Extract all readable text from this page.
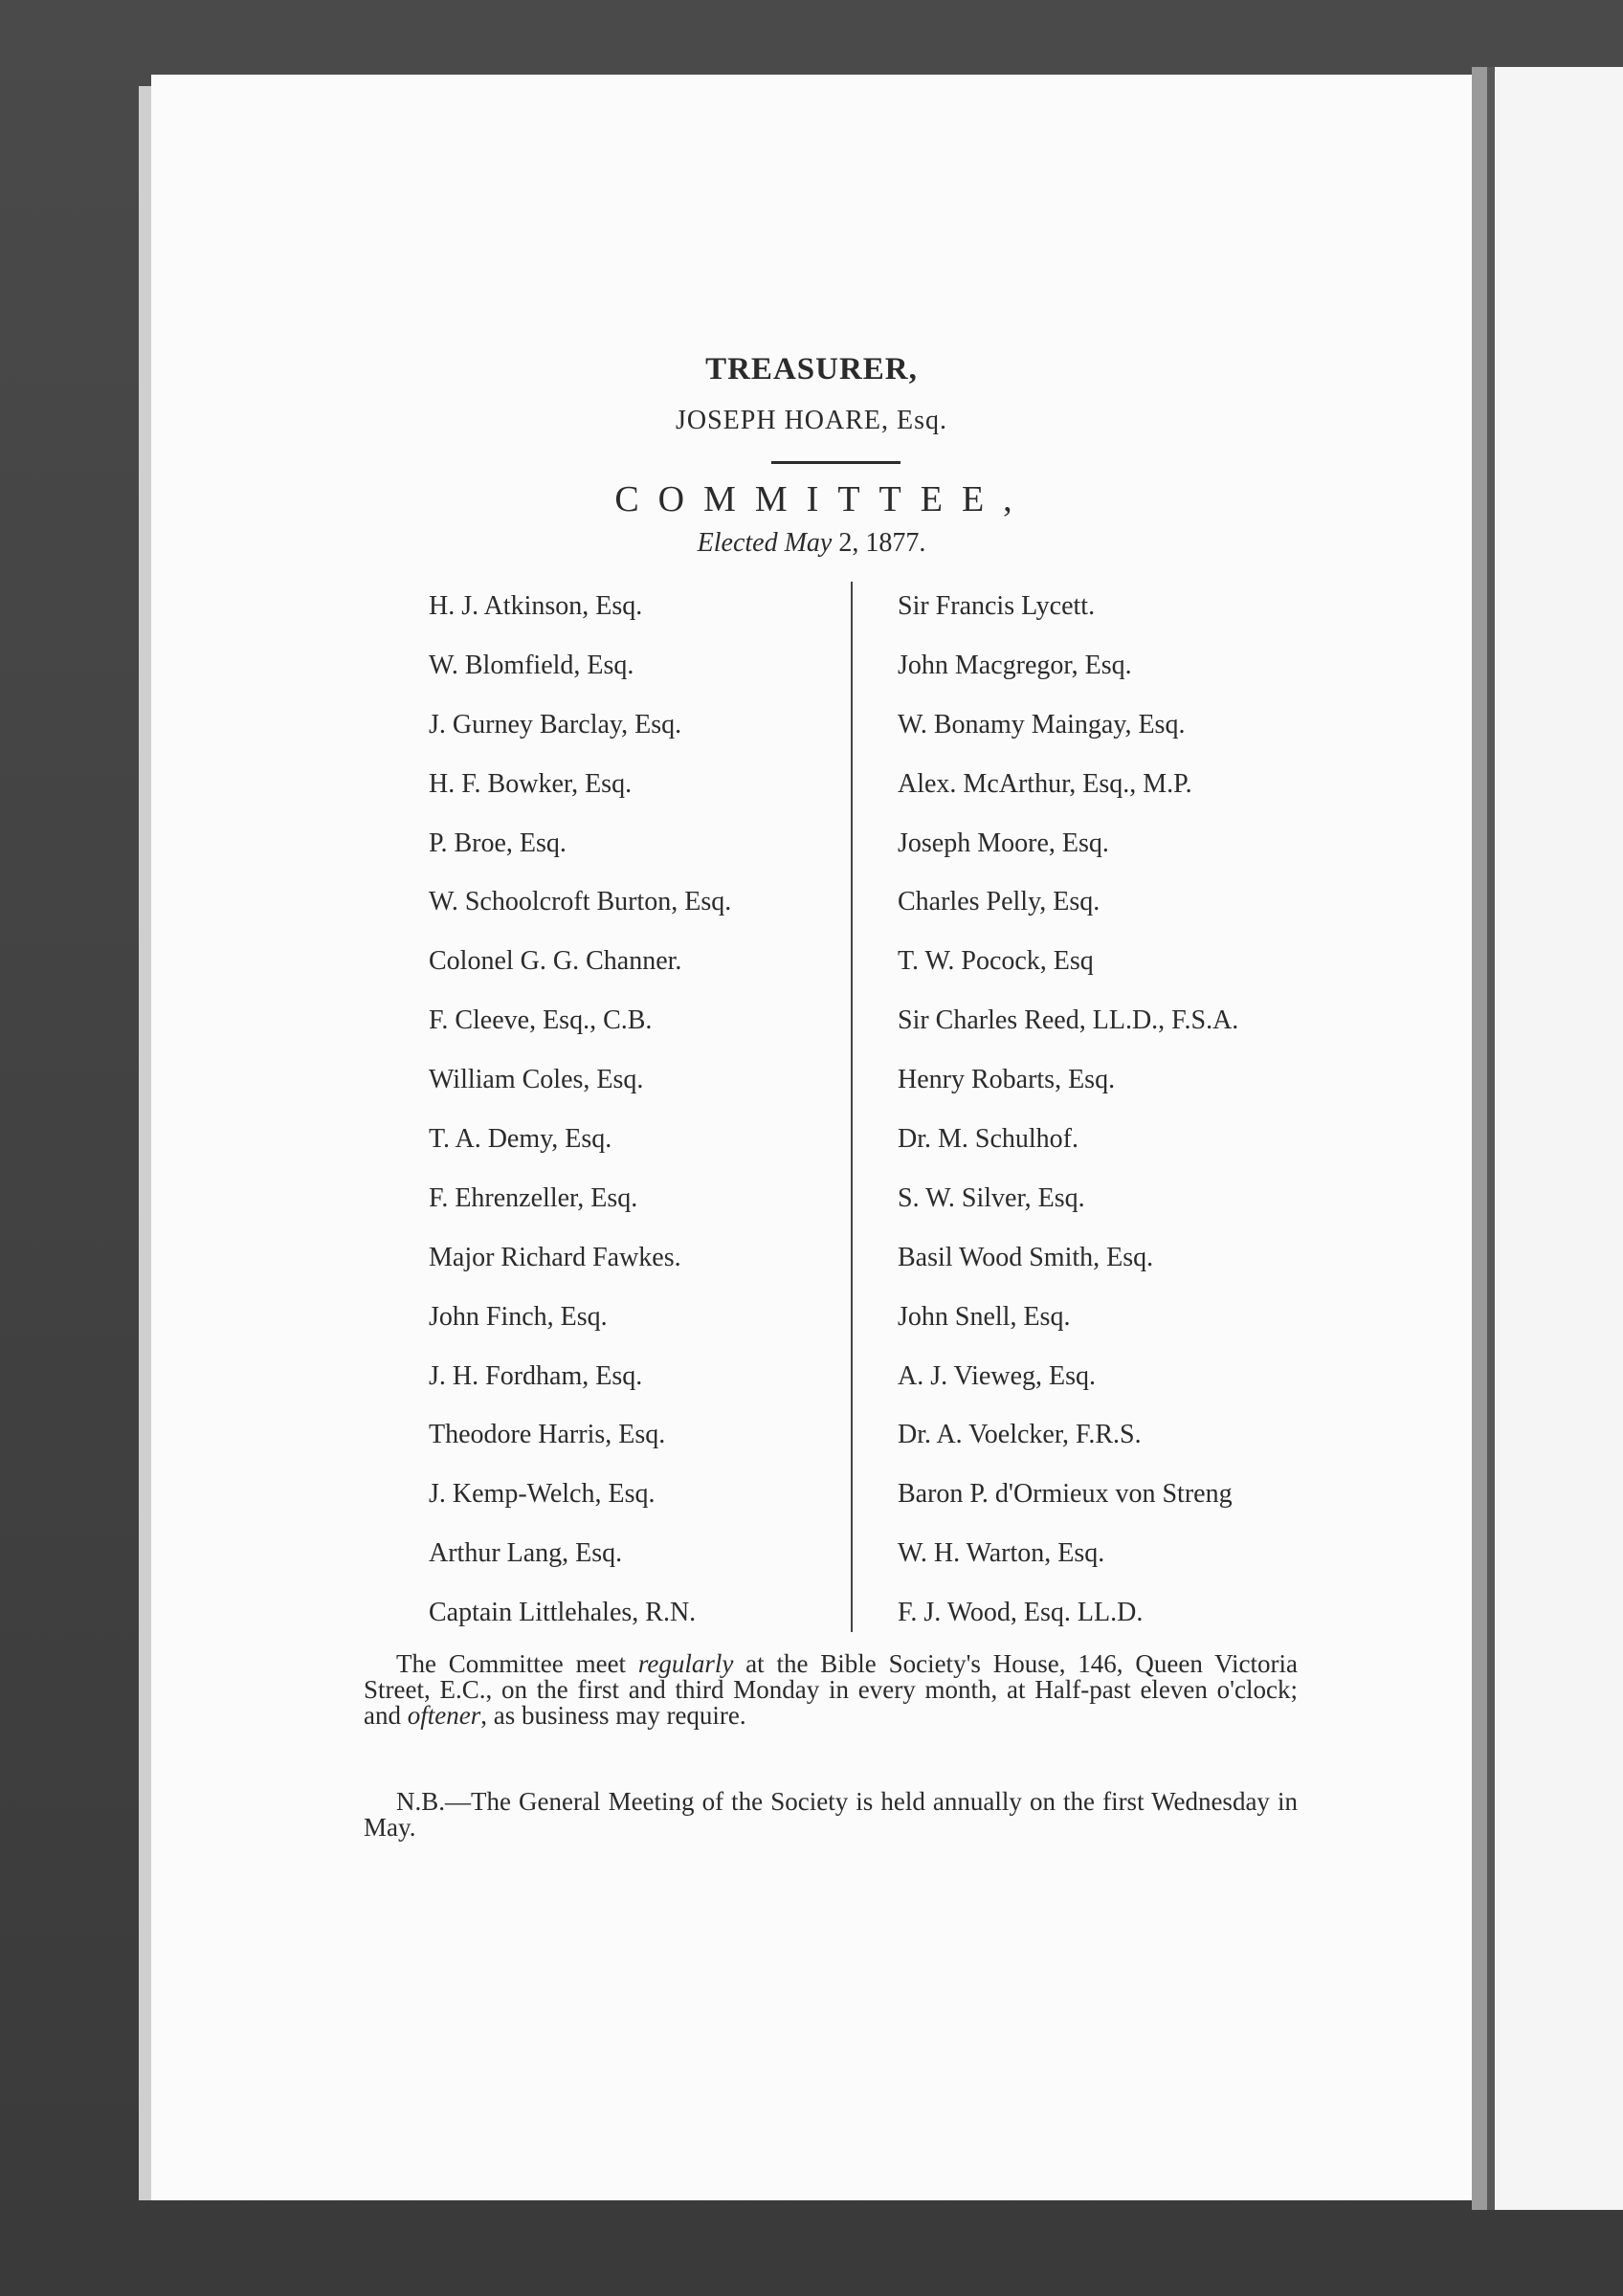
TREASURER,
JOSEPH HOARE, Esq.
COMMITTEE,
Elected May 2, 1877.
H. J. Atkinson, Esq.
W. Blomfield, Esq.
J. Gurney Barclay, Esq.
H. F. Bowker, Esq.
P. Broe, Esq.
W. Schoolcroft Burton, Esq.
Colonel G. G. Channer.
F. Cleeve, Esq., C.B.
William Coles, Esq.
T. A. Demy, Esq.
F. Ehrenzeller, Esq.
Major Richard Fawkes.
John Finch, Esq.
J. H. Fordham, Esq.
Theodore Harris, Esq.
J. Kemp-Welch, Esq.
Arthur Lang, Esq.
Captain Littlehales, R.N.
Sir Francis Lycett.
John Macgregor, Esq.
W. Bonamy Maingay, Esq.
Alex. McArthur, Esq., M.P.
Joseph Moore, Esq.
Charles Pelly, Esq.
T. W. Pocock, Esq
Sir Charles Reed, LL.D., F.S.A.
Henry Robarts, Esq.
Dr. M. Schulhof.
S. W. Silver, Esq.
Basil Wood Smith, Esq.
John Snell, Esq.
A. J. Vieweg, Esq.
Dr. A. Voelcker, F.R.S.
Baron P. d'Ormieux von Streng
W. H. Warton, Esq.
F. J. Wood, Esq. LL.D.

The Committee meet regularly at the Bible Society's House, 146, Queen Victoria Street, E.C., on the first and third Monday in every month, at Half-past eleven o'clock; and oftener, as business may require.

N.B.—The General Meeting of the Society is held annually on the first Wednesday in May.
